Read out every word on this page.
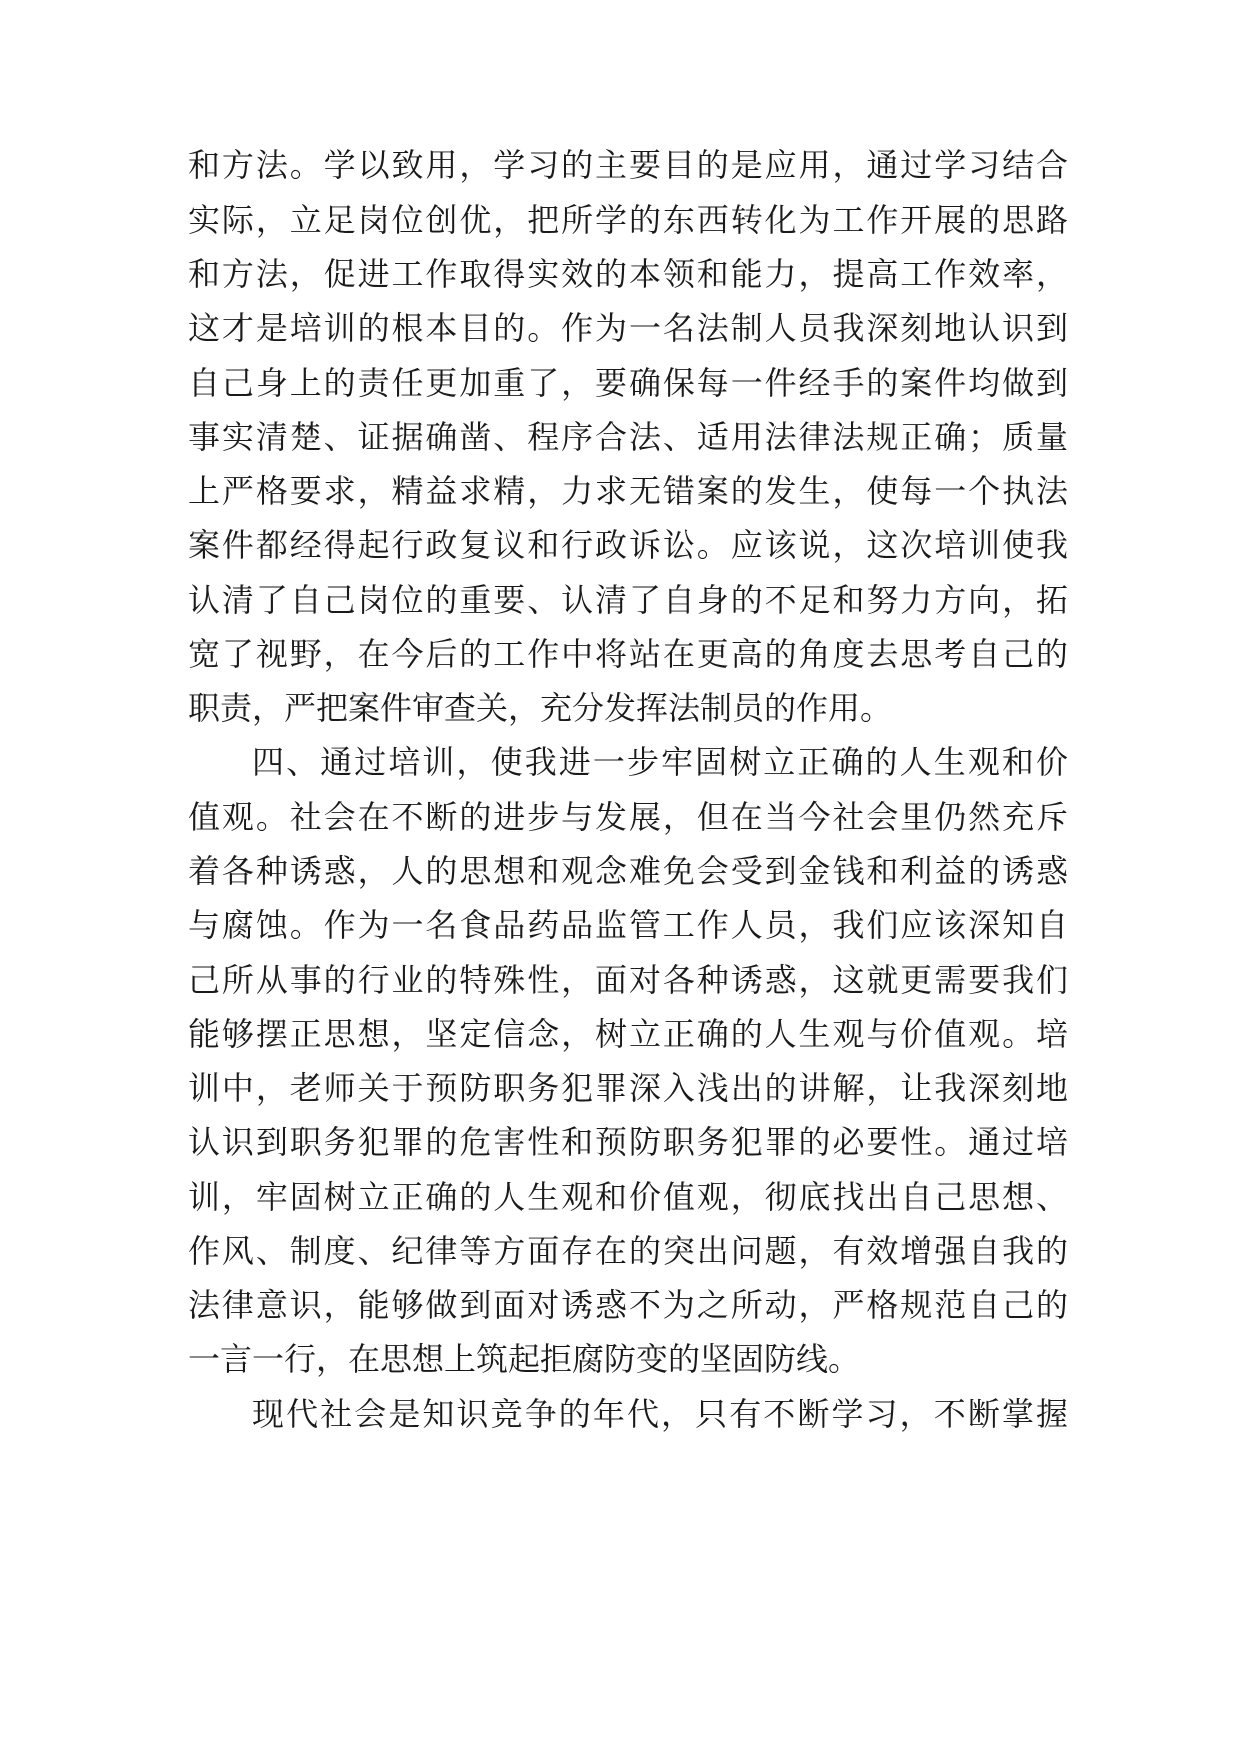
和方法。学以致用，学习的主要目的是应用，通过学习结合

实际，立足岗位创优，把所学的东西转化为工作开展的思路

和方法，促进工作取得实效的本领和能力，提高工作效率，

这才是培训的根本目的。作为一名法制人员我深刻地认识到

自己身上的责任更加重了，要确保每一件经手的案件均做到

事实清楚、证据确凿、程序合法、适用法律法规正确；质量

上严格要求，精益求精，力求无错案的发生，使每一个执法

案件都经得起行政复议和行政诉讼。应该说，这次培训使我

认清了自己岗位的重要、认清了自身的不足和努力方向，拓

宽了视野，在今后的工作中将站在更高的角度去思考自己的

职责，严把案件审查关，充分发挥法制员的作用。

四、通过培训，使我进一步牢固树立正确的人生观和价

值观。社会在不断的进步与发展，但在当今社会里仍然充斥

着各种诱惑，人的思想和观念难免会受到金钱和利益的诱惑

与腐蚀。作为一名食品药品监管工作人员，我们应该深知自

己所从事的行业的特殊性，面对各种诱惑，这就更需要我们

能够摆正思想，坚定信念，树立正确的人生观与价值观。培

训中，老师关于预防职务犯罪深入浅出的讲解，让我深刻地

认识到职务犯罪的危害性和预防职务犯罪的必要性。通过培

训，牢固树立正确的人生观和价值观，彻底找出自己思想、

作风、制度、纪律等方面存在的突出问题，有效增强自我的

法律意识，能够做到面对诱惑不为之所动，严格规范自己的

一言一行，在思想上筑起拒腐防变的坚固防线。

现代社会是知识竞争的年代，只有不断学习，不断掌握
